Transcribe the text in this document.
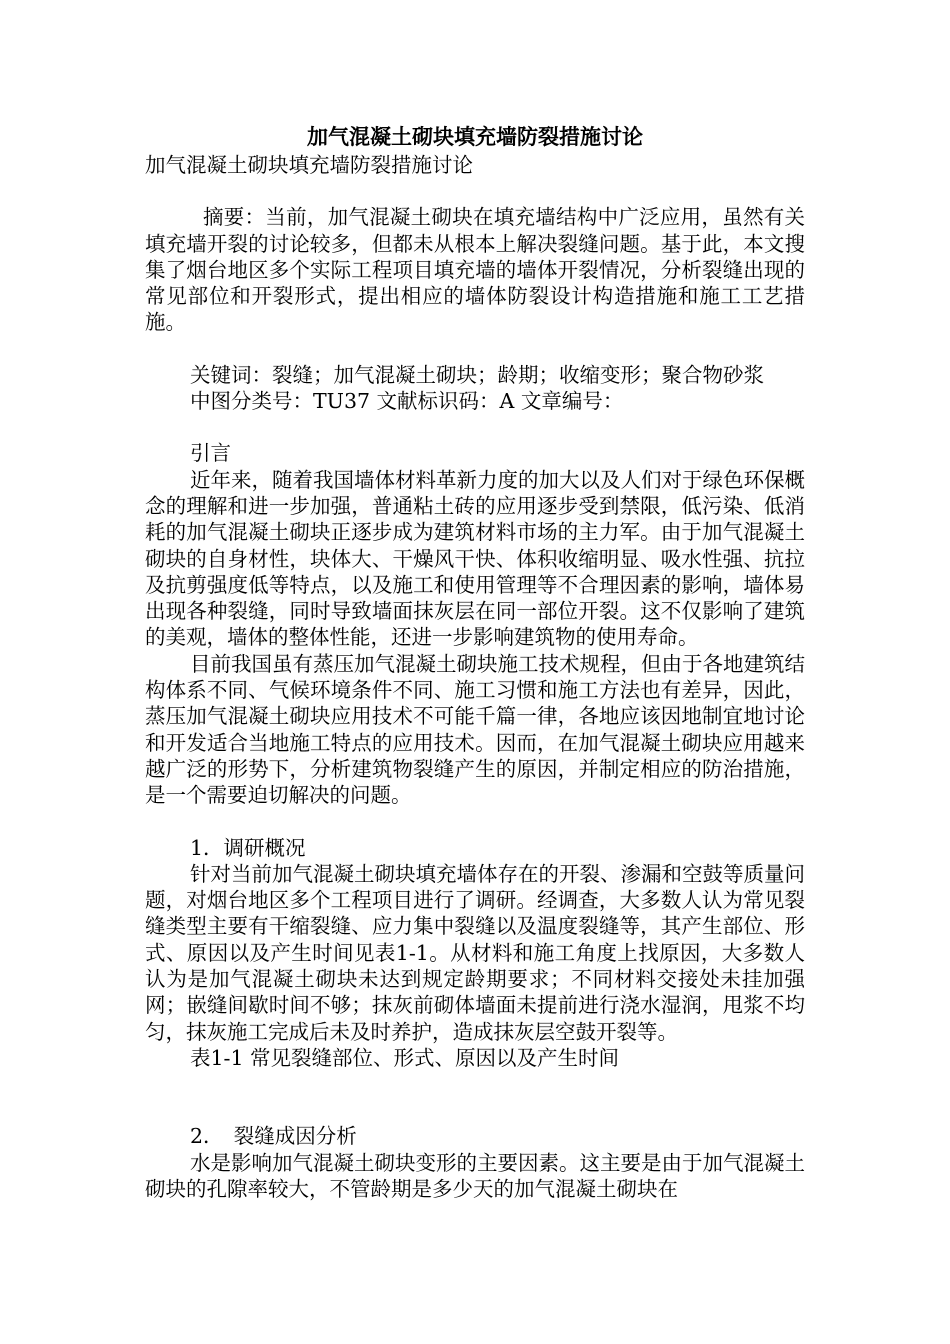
加气混凝土砌块填充墙防裂措施讨论

加气混凝土砌块填充墙防裂措施讨论

摘要：当前，加气混凝土砌块在填充墙结构中广泛应用，虽然有关填充墙开裂的讨论较多，但都未从根本上解决裂缝问题。基于此，本文搜集了烟台地区多个实际工程项目填充墙的墙体开裂情况，分析裂缝出现的常见部位和开裂形式，提出相应的墙体防裂设计构造措施和施工工艺措施。

关键词：裂缝；加气混凝土砌块；龄期；收缩变形；聚合物砂浆

中图分类号：TU37 文献标识码：A 文章编号：

引言

近年来，随着我国墙体材料革新力度的加大以及人们对于绿色环保概念的理解和进一步加强，普通粘土砖的应用逐步受到禁限，低污染、低消耗的加气混凝土砌块正逐步成为建筑材料市场的主力军。由于加气混凝土砌块的自身材性，块体大、干燥风干快、体积收缩明显、吸水性强、抗拉及抗剪强度低等特点，以及施工和使用管理等不合理因素的影响，墙体易出现各种裂缝，同时导致墙面抹灰层在同一部位开裂。这不仅影响了建筑的美观，墙体的整体性能，还进一步影响建筑物的使用寿命。

目前我国虽有蒸压加气混凝土砌块施工技术规程，但由于各地建筑结构体系不同、气候环境条件不同、施工习惯和施工方法也有差异，因此，蒸压加气混凝土砌块应用技术不可能千篇一律，各地应该因地制宜地讨论和开发适合当地施工特点的应用技术。因而，在加气混凝土砌块应用越来越广泛的形势下，分析建筑物裂缝产生的原因，并制定相应的防治措施，是一个需要迫切解决的问题。

1．调研概况

针对当前加气混凝土砌块填充墙体存在的开裂、渗漏和空鼓等质量问题，对烟台地区多个工程项目进行了调研。经调查，大多数人认为常见裂缝类型主要有干缩裂缝、应力集中裂缝以及温度裂缝等，其产生部位、形式、原因以及产生时间见表1-1。从材料和施工角度上找原因，大多数人认为是加气混凝土砌块未达到规定龄期要求；不同材料交接处未挂加强网；嵌缝间歇时间不够；抹灰前砌体墙面未提前进行浇水湿润，甩浆不均匀，抹灰施工完成后未及时养护，造成抹灰层空鼓开裂等。

表1-1 常见裂缝部位、形式、原因以及产生时间

2．　裂缝成因分析

水是影响加气混凝土砌块变形的主要因素。这主要是由于加气混凝土砌块的孔隙率较大，不管龄期是多少天的加气混凝土砌块在
